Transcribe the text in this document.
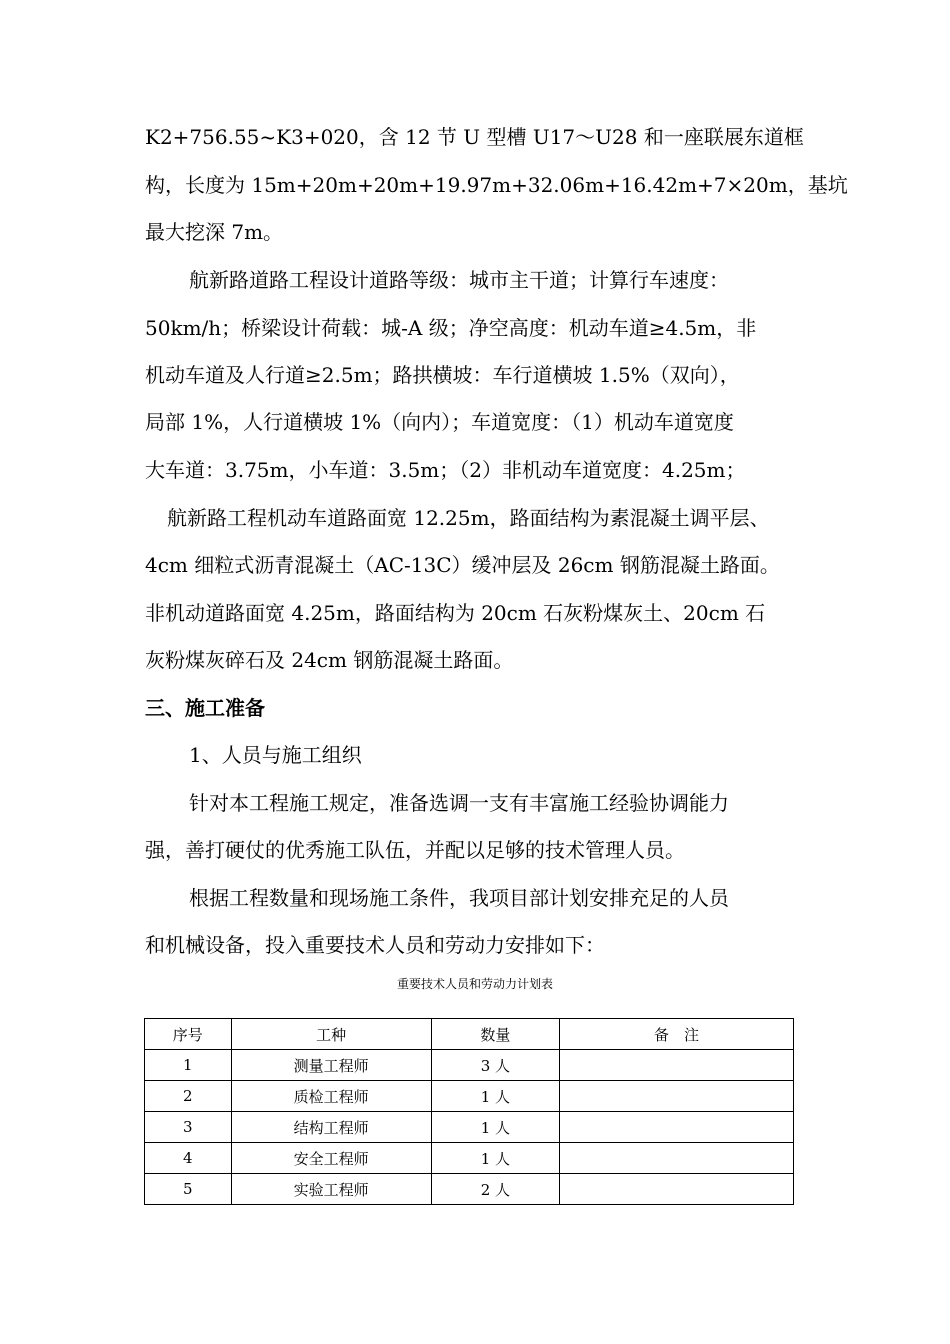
K2+756.55~K3+020，含 12 节 U 型槽 U17～U28 和一座联展东道框
构，长度为 15m+20m+20m+19.97m+32.06m+16.42m+7×20m，基坑
最大挖深 7m。
航新路道路工程设计道路等级：城市主干道；计算行车速度：
50km/h；桥梁设计荷载：城-A 级；净空高度：机动车道≥4.5m，非
机动车道及人行道≥2.5m；路拱横坡：车行道横坡 1.5%（双向），
局部 1%，人行道横坡 1%（向内）；车道宽度：（1）机动车道宽度
大车道：3.75m，小车道：3.5m；（2）非机动车道宽度：4.25m；
航新路工程机动车道路面宽 12.25m，路面结构为素混凝土调平层、
4cm 细粒式沥青混凝土（AC-13C）缓冲层及 26cm 钢筋混凝土路面。
非机动道路面宽 4.25m，路面结构为 20cm 石灰粉煤灰土、20cm 石
灰粉煤灰碎石及 24cm 钢筋混凝土路面。
三、施工准备
1、人员与施工组织
针对本工程施工规定，准备选调一支有丰富施工经验协调能力
强，善打硬仗的优秀施工队伍，并配以足够的技术管理人员。
根据工程数量和现场施工条件，我项目部计划安排充足的人员
和机械设备，投入重要技术人员和劳动力安排如下：
重要技术人员和劳动力计划表
序号	工种	数量	备　注
1	测量工程师	3 人	
2	质检工程师	1 人	
3	结构工程师	1 人	
4	安全工程师	1 人	
5	实验工程师	2 人	
